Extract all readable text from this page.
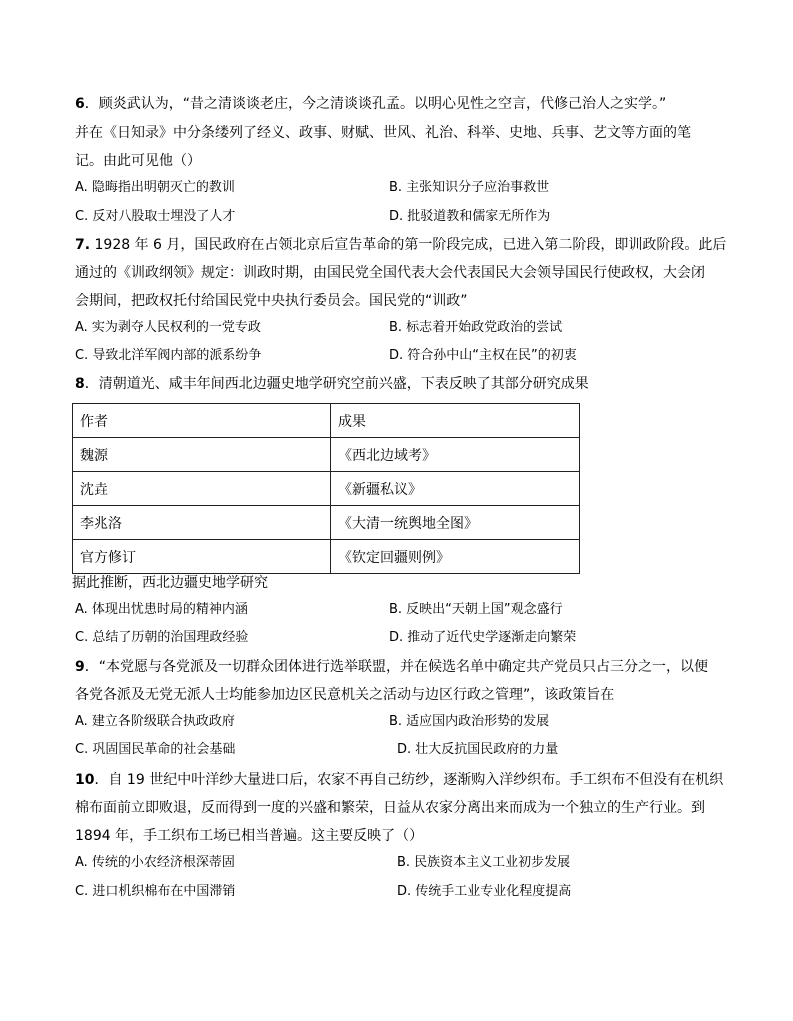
6．顾炎武认为，“昔之清谈谈老庄，今之清谈谈孔孟。以明心见性之空言，代修己治人之实学。”
并在《日知录》中分条缕列了经义、政事、财赋、世风、礼治、科举、史地、兵事、艺文等方面的笔
记。由此可见他（）
A. 隐晦指出明朝灭亡的教训	B. 主张知识分子应治事救世
C. 反对八股取士埋没了人才	D. 批驳道教和儒家无所作为
7. 1928 年 6 月，国民政府在占领北京后宣告革命的第一阶段完成，已进入第二阶段，即训政阶段。此后
通过的《训政纲领》规定：训政时期，由国民党全国代表大会代表国民大会领导国民行使政权，大会闭
会期间，把政权托付给国民党中央执行委员会。国民党的“训政”
A. 实为剥夺人民权利的一党专政	B. 标志着开始政党政治的尝试
C. 导致北洋军阀内部的派系纷争	D. 符合孙中山“主权在民”的初衷
8．清朝道光、咸丰年间西北边疆史地学研究空前兴盛，下表反映了其部分研究成果
作者	成果
魏源	《西北边域考》
沈垚	《新疆私议》
李兆洛	《大清一统舆地全图》
官方修订	《钦定回疆则例》
据此推断，西北边疆史地学研究
A. 体现出忧患时局的精神内涵	B. 反映出“天朝上国”观念盛行
C. 总结了历朝的治国理政经验	D. 推动了近代史学逐渐走向繁荣
9．“本党愿与各党派及一切群众团体进行选举联盟，并在候选名单中确定共产党员只占三分之一，以便
各党各派及无党无派人士均能参加边区民意机关之活动与边区行政之管理”，该政策旨在
A. 建立各阶级联合执政政府	B. 适应国内政治形势的发展
C. 巩固国民革命的社会基础	D. 壮大反抗国民政府的力量
10．自 19 世纪中叶洋纱大量进口后，农家不再自己纺纱，逐渐购入洋纱织布。手工织布不但没有在机织
棉布面前立即败退，反而得到一度的兴盛和繁荣，日益从农家分离出来而成为一个独立的生产行业。到
1894 年，手工织布工场已相当普遍。这主要反映了（）
A. 传统的小农经济根深蒂固	B. 民族资本主义工业初步发展
C. 进口机织棉布在中国滞销	D. 传统手工业专业化程度提高
